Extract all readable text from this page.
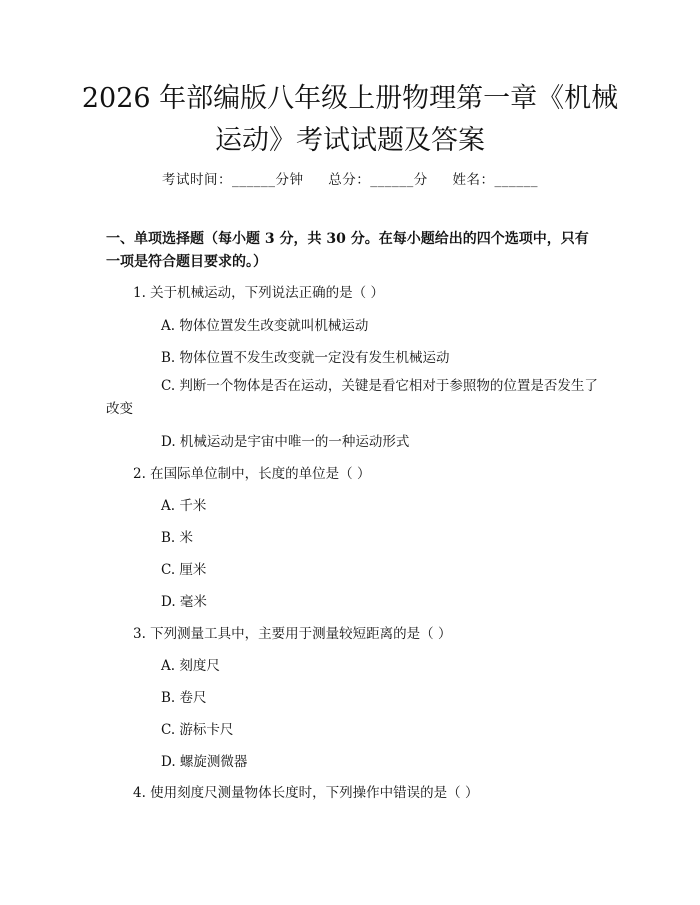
2026 年部编版八年级上册物理第一章《机械
运动》考试试题及答案
考试时间：______分钟 总分：______分 姓名：______
一、单项选择题（每小题 3 分，共 30 分。在每小题给出的四个选项中，只有一项是符合题目要求的。）
1. 关于机械运动，下列说法正确的是（ ）
A. 物体位置发生改变就叫机械运动
B. 物体位置不发生改变就一定没有发生机械运动
C. 判断一个物体是否在运动，关键是看它相对于参照物的位置是否发生了改变
D. 机械运动是宇宙中唯一的一种运动形式
2. 在国际单位制中，长度的单位是（ ）
A. 千米
B. 米
C. 厘米
D. 毫米
3. 下列测量工具中，主要用于测量较短距离的是（ ）
A. 刻度尺
B. 卷尺
C. 游标卡尺
D. 螺旋测微器
4. 使用刻度尺测量物体长度时，下列操作中错误的是（ ）
